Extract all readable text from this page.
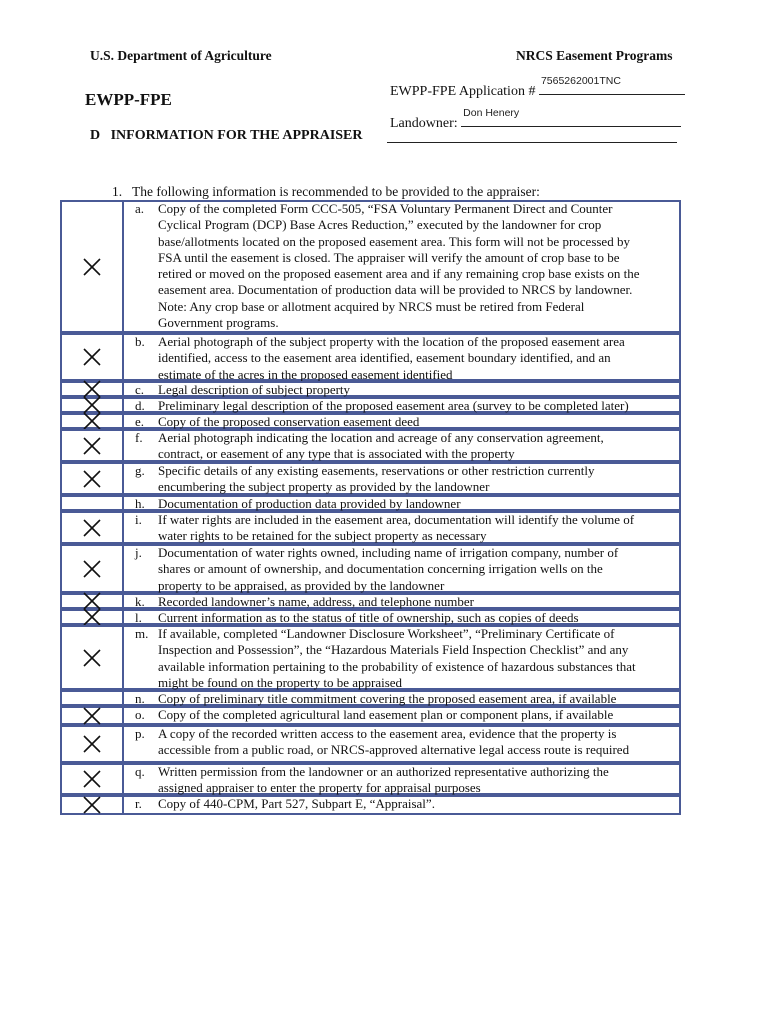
U.S. Department of Agriculture	NRCS Easement Programs
EWPP-FPE
D   INFORMATION FOR THE APPRAISER
EWPP-FPE Application #
7565262001TNC
Landowner:
Don Henery
1.   The following information is recommended to be provided to the appraiser:
a. Copy of the completed Form CCC-505, “FSA Voluntary Permanent Direct and Counter
Cyclical Program (DCP) Base Acres Reduction,” executed by the landowner for crop
base/allotments located on the proposed easement area. This form will not be processed by
FSA until the easement is closed. The appraiser will verify the amount of crop base to be
retired or moved on the proposed easement area and if any remaining crop base exists on the
easement area. Documentation of production data will be provided to NRCS by landowner.
Note: Any crop base or allotment acquired by NRCS must be retired from Federal
Government programs.
b. Aerial photograph of the subject property with the location of the proposed easement area
identified, access to the easement area identified, easement boundary identified, and an
estimate of the acres in the proposed easement identified
c. Legal description of subject property
d. Preliminary legal description of the proposed easement area (survey to be completed later)
e. Copy of the proposed conservation easement deed
f. Aerial photograph indicating the location and acreage of any conservation agreement,
contract, or easement of any type that is associated with the property
g. Specific details of any existing easements, reservations or other restriction currently
encumbering the subject property as provided by the landowner
h. Documentation of production data provided by landowner
i. If water rights are included in the easement area, documentation will identify the volume of
water rights to be retained for the subject property as necessary
j. Documentation of water rights owned, including name of irrigation company, number of
shares or amount of ownership, and documentation concerning irrigation wells on the
property to be appraised, as provided by the landowner
k. Recorded landowner’s name, address, and telephone number
l. Current information as to the status of title of ownership, such as copies of deeds
m. If available, completed “Landowner Disclosure Worksheet”, “Preliminary Certificate of
Inspection and Possession”, the “Hazardous Materials Field Inspection Checklist” and any
available information pertaining to the probability of existence of hazardous substances that
might be found on the property to be appraised
n. Copy of preliminary title commitment covering the proposed easement area, if available
o. Copy of the completed agricultural land easement plan or component plans, if available
p. A copy of the recorded written access to the easement area, evidence that the property is
accessible from a public road, or NRCS-approved alternative legal access route is required
q. Written permission from the landowner or an authorized representative authorizing the
assigned appraiser to enter the property for appraisal purposes
r. Copy of 440-CPM, Part 527, Subpart E, “Appraisal”.
